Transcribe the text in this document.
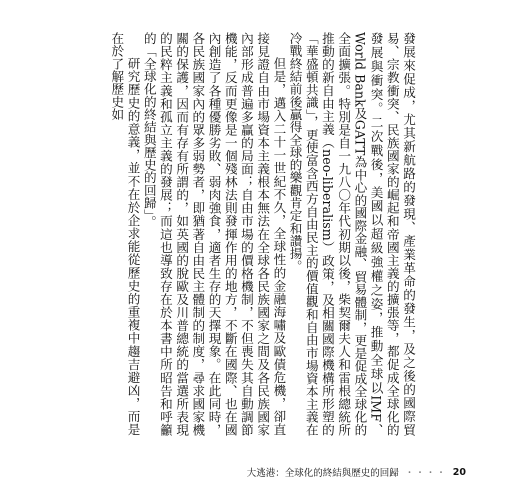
發展來促成，尤其新航路的發現、產業革命的發生，及之後的國際貿易、宗教衝突、民族國家的崛起和帝國主義的擴張等，都促成全球化的發展與衝突。二次戰後，美國以超級強權之姿，推動全球以IMF、World Bank及GATT為中心的國際金融、貿易體制，更是促成全球化的全面擴張。特別是自一九八〇年代初期以後，柴契爾夫人和雷根總統所推動的新自由主義（neo-liberalism）政策，及相關國際機構所形塑的「華盛頓共識」，更使富含西方自由民主的價值觀和自由市場資本主義在冷戰終結前後贏得全球的樂觀肯定和讚揚。

但是，邁入二十一世紀不久，全球性的金融海嘯及歐債危機，卻直接見證自由市場資本主義根本無法在全球各民族國家之間及各民族國家內部形成普遍多贏的局面；自由市場的價格機制，不但喪失其自動調節機能，反而更像是一個殘林法則發揮作用的地方，不斷在國際、也在國內創造了各種優勝劣敗、弱肉強食，適者生存的天擇現象。在此同時，各民族國家內的眾多弱勢者，即猶著自由民主體制的制度，尋求國家機關的保護，因而有存有所謂的，如英國的脫歐及川普總統的當選所表現的民粹主義和孤立主義的發展；而這也導致存在於本書中所昭告和呼籲的「全球化的終結與歷史的回歸」。

研究歷史的意義，並不在於企求能從歷史的重複中趨吉避凶，而是在於了解歷史如

大逃港：全球化的終結與歷史的回歸 ・・・・ 20
